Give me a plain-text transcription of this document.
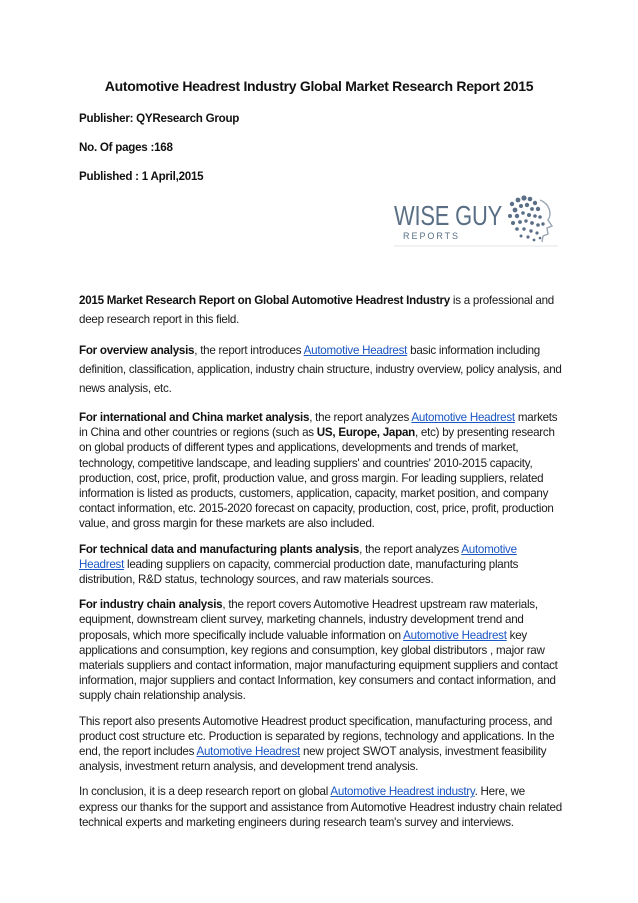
Automotive Headrest Industry Global Market Research Report 2015
Publisher: QYResearch Group
No. Of pages :168
Published : 1 April,2015
WISE GUY
R E P O R T S

2015 Market Research Report on Global Automotive Headrest Industry is a professional and deep research report in this field.

For overview analysis, the report introduces Automotive Headrest basic information including definition, classification, application, industry chain structure, industry overview, policy analysis, and news analysis, etc.

For international and China market analysis, the report analyzes Automotive Headrest markets in China and other countries or regions (such as US, Europe, Japan, etc) by presenting research on global products of different types and applications, developments and trends of market, technology, competitive landscape, and leading suppliers' and countries' 2010-2015 capacity, production, cost, price, profit, production value, and gross margin. For leading suppliers, related information is listed as products, customers, application, capacity, market position, and company contact information, etc. 2015-2020 forecast on capacity, production, cost, price, profit, production value, and gross margin for these markets are also included.

For technical data and manufacturing plants analysis, the report analyzes Automotive Headrest leading suppliers on capacity, commercial production date, manufacturing plants distribution, R&D status, technology sources, and raw materials sources.

For industry chain analysis, the report covers Automotive Headrest upstream raw materials, equipment, downstream client survey, marketing channels, industry development trend and proposals, which more specifically include valuable information on Automotive Headrest key applications and consumption, key regions and consumption, key global distributors , major raw materials suppliers and contact information, major manufacturing equipment suppliers and contact information, major suppliers and contact Information, key consumers and contact information, and supply chain relationship analysis.

This report also presents Automotive Headrest product specification, manufacturing process, and product cost structure etc. Production is separated by regions, technology and applications. In the end, the report includes Automotive Headrest new project SWOT analysis, investment feasibility analysis, investment return analysis, and development trend analysis.

In conclusion, it is a deep research report on global Automotive Headrest industry. Here, we express our thanks for the support and assistance from Automotive Headrest industry chain related technical experts and marketing engineers during research team's survey and interviews.
